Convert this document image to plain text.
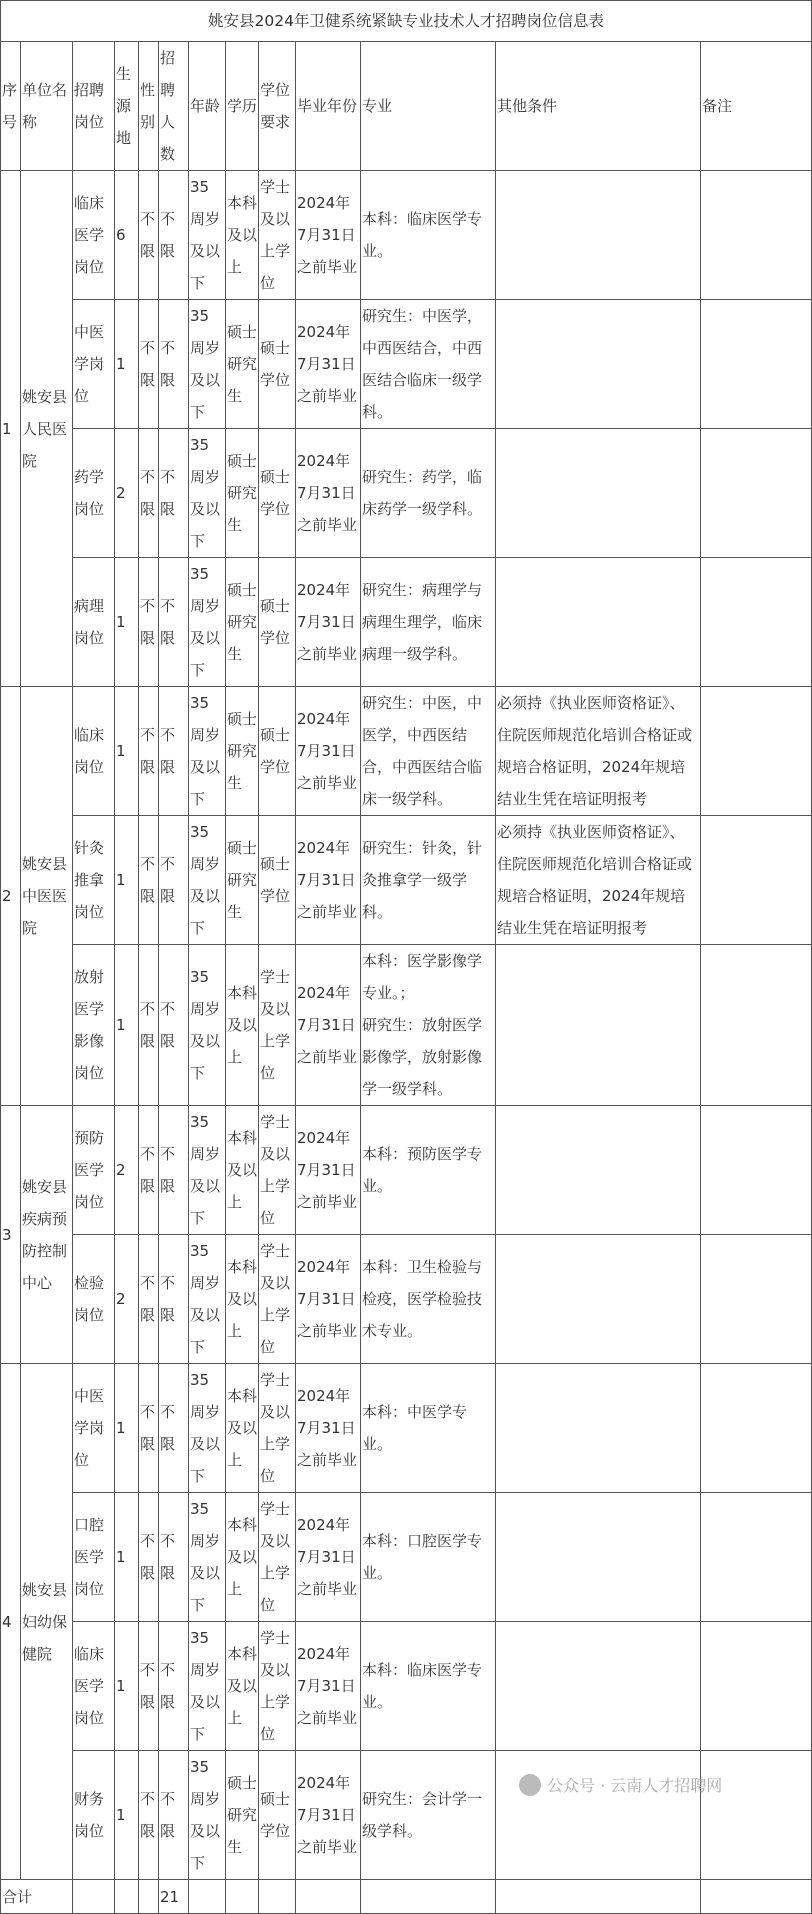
姚安县2024年卫健系统紧缺专业技术人才招聘岗位信息表												
序号	单位名称	招聘岗位	生源地	性别	招聘人数	年龄	学历	学位要求	毕业年份	专业	其他条件	备注
1	姚安县人民医院	临床医学岗位	6	不限	不限	35周岁及以下	本科及以上	学士及以上学位	2024年7月31日之前毕业	本科：临床医学专业。		
		中医学岗位	1	不限	不限	35周岁及以下	硕士研究生	硕士学位	2024年7月31日之前毕业	研究生：中医学，中西医结合，中西医结合临床一级学科。		
		药学岗位	2	不限	不限	35周岁及以下	硕士研究生	硕士学位	2024年7月31日之前毕业	研究生：药学，临床药学一级学科。		
		病理岗位	1	不限	不限	35周岁及以下	硕士研究生	硕士学位	2024年7月31日之前毕业	研究生：病理学与病理生理学，临床病理一级学科。		
2	姚安县中医医院	临床岗位	1	不限	不限	35周岁及以下	硕士研究生	硕士学位	2024年7月31日之前毕业	研究生：中医，中医学，中西医结合，中西医结合临床一级学科。	必须持《执业医师资格证》、住院医师规范化培训合格证或规培合格证明，2024年规培结业生凭在培证明报考	
		针灸推拿岗位	1	不限	不限	35周岁及以下	硕士研究生	硕士学位	2024年7月31日之前毕业	研究生：针灸，针灸推拿学一级学科。	必须持《执业医师资格证》、住院医师规范化培训合格证或规培合格证明，2024年规培结业生凭在培证明报考	
		放射医学影像岗位	1	不限	不限	35周岁及以下	本科及以上	学士及以上学位	2024年7月31日之前毕业	本科：医学影像学专业。；
研究生：放射医学影像学，放射影像学一级学科。		
3	姚安县疾病预防控制中心	预防医学岗位	2	不限	不限	35周岁及以下	本科及以上	学士及以上学位	2024年7月31日之前毕业	本科：预防医学专业。		
		检验岗位	2	不限	不限	35周岁及以下	本科及以上	学士及以上学位	2024年7月31日之前毕业	本科：卫生检验与检疫，医学检验技术专业。		
4	姚安县妇幼保健院	中医学岗位	1	不限	不限	35周岁及以下	本科及以上	学士及以上学位	2024年7月31日之前毕业	本科：中医学专业。		
		口腔医学岗位	1	不限	不限	35周岁及以下	本科及以上	学士及以上学位	2024年7月31日之前毕业	本科：口腔医学专业。		
		临床医学岗位	1	不限	不限	35周岁及以下	本科及以上	学士及以上学位	2024年7月31日之前毕业	本科：临床医学专业。		
		财务岗位	1	不限	不限	35周岁及以下	硕士研究生	硕士学位	2024年7月31日之前毕业	研究生：会计学一级学科。		
合计					21							
公众号 · 云南人才招聘网
